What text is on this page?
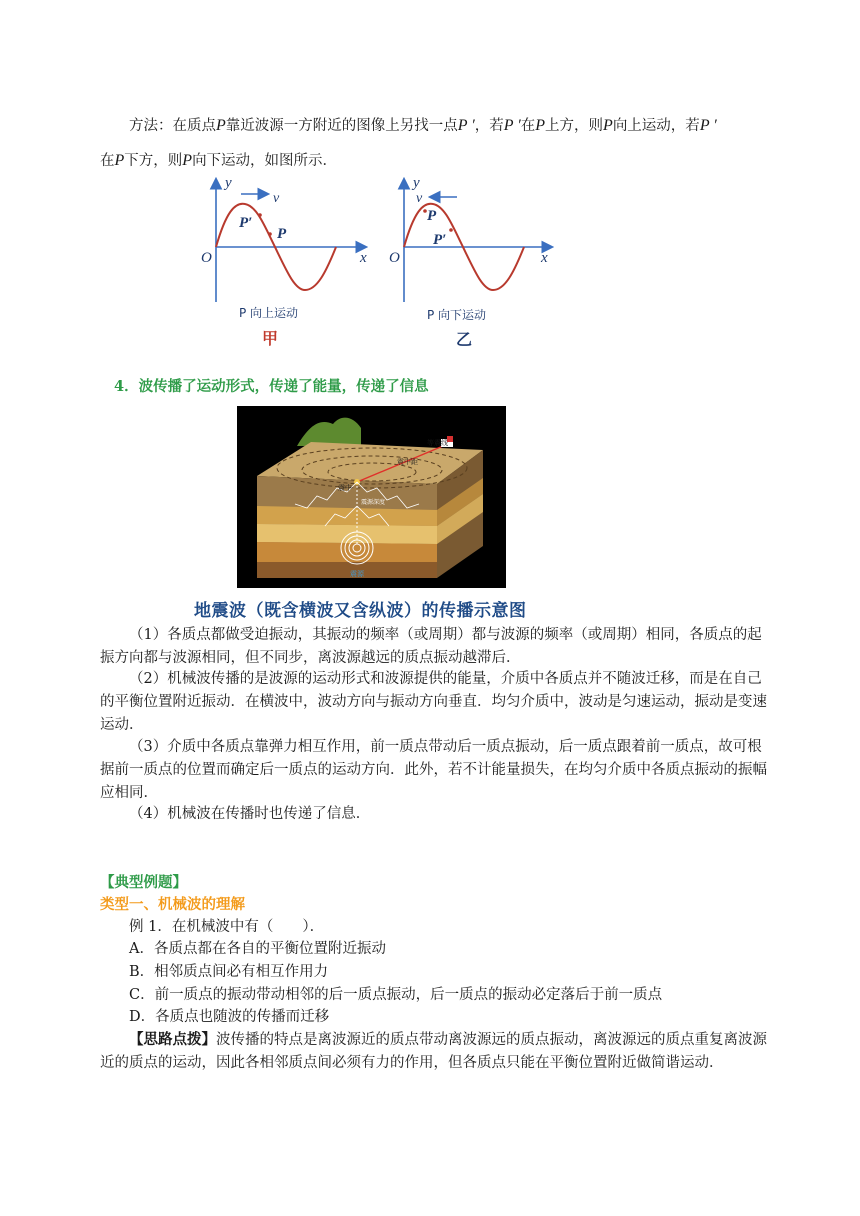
方法：在质点P靠近波源一方附近的图像上另找一点P ′，若P ′在P上方，则P向上运动，若P ′
在P下方，则P向下运动，如图所示．
y
x
O
v
P′
P
P 向上运动
甲
y
x
O
v
P
P′
P 向下运动
乙
4．波传播了运动形式，传递了能量，传递了信息
等震线
震中距
震中
震源深度
震源
地震波（既含横波又含纵波）的传播示意图

（1）各质点都做受迫振动，其振动的频率（或周期）都与波源的频率（或周期）相同，各质点的起振方向都与波源相同，但不同步，离波源越远的质点振动越滞后．

（2）机械波传播的是波源的运动形式和波源提供的能量，介质中各质点并不随波迁移，而是在自己的平衡位置附近振动．在横波中，波动方向与振动方向垂直．均匀介质中，波动是匀速运动，振动是变速运动．

（3）介质中各质点靠弹力相互作用，前一质点带动后一质点振动，后一质点跟着前一质点，故可根据前一质点的位置而确定后一质点的运动方向．此外，若不计能量损失，在均匀介质中各质点振动的振幅应相同．

（4）机械波在传播时也传递了信息．

【典型例题】
类型一、机械波的理解
例 1．在机械波中有（　　）．
A．各质点都在各自的平衡位置附近振动
B．相邻质点间必有相互作用力
C．前一质点的振动带动相邻的后一质点振动，后一质点的振动必定落后于前一质点
D．各质点也随波的传播而迁移

【思路点拨】波传播的特点是离波源近的质点带动离波源远的质点振动，离波源远的质点重复离波源近的质点的运动，因此各相邻质点间必须有力的作用，但各质点只能在平衡位置附近做简谐运动．
